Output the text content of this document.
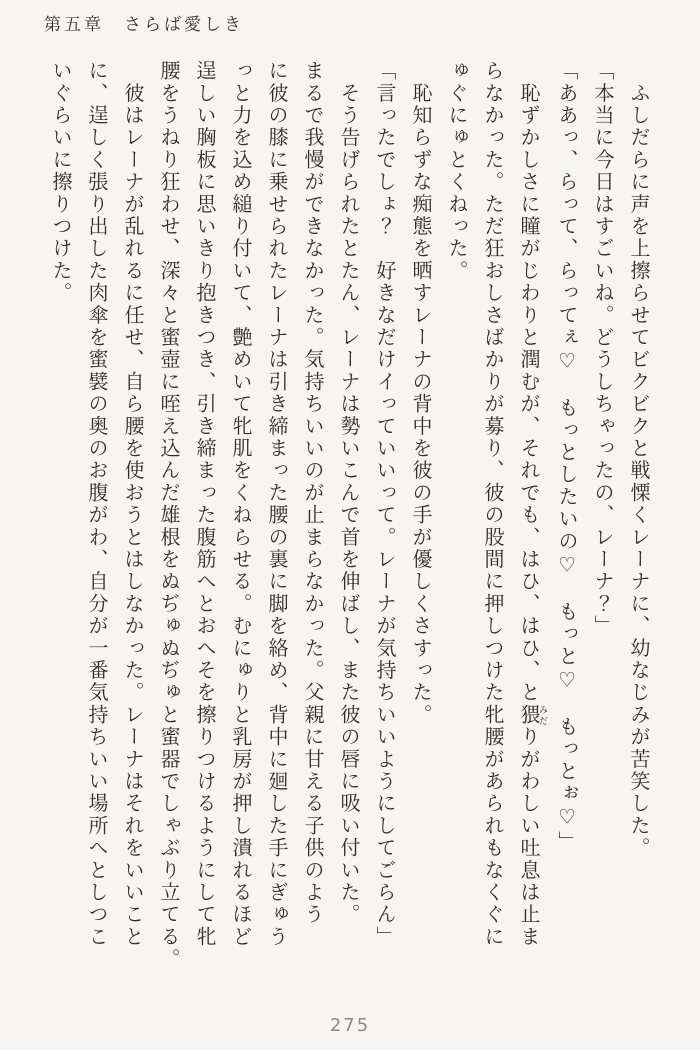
第五章　さらば愛しき
　ふしだらに声を上擦らせてビクビクと戦慄くレーナに、幼なじみが苦笑した。
「本当に今日はすごいね。どうしちゃったの、レーナ？」
「ああっ、らって、らってぇ♡　もっとしたいの♡　もっと♡　もっとぉ♡」
　恥ずかしさに瞳がじわりと潤むが、それでも、はひ、はひ、と猥 みだりがわしい吐息は止ま
らなかった。ただ狂おしさばかりが募り、彼の股間に押しつけた牝腰があられもなくぐに
ゅぐにゅとくねった。
　恥知らずな痴態を晒すレーナの背中を彼の手が優しくさすった。
「言ったでしょ？　好きなだけイっていいって。レーナが気持ちいいようにしてごらん」
　そう告げられたとたん、レーナは勢いこんで首を伸ばし、また彼の唇に吸い付いた。
まるで我慢ができなかった。気持ちいいのが止まらなかった。父親に甘える子供のよう
に彼の膝に乗せられたレーナは引き締まった腰の裏に脚を絡め、背中に廻した手にぎゅう
っと力を込め縋り付いて、艶めいて牝肌をくねらせる。むにゅりと乳房が押し潰れるほど
逞しい胸板に思いきり抱きつき、引き締まった腹筋へとおへそを擦りつけるようにして牝
腰をうねり狂わせ、深々と蜜壺に咥え込んだ雄根をぬぢゅぬぢゅと蜜器でしゃぶり立てる。
　彼はレーナが乱れるに任せ、自ら腰を使おうとはしなかった。レーナはそれをいいこと
に、逞しく張り出した肉傘を蜜襞の奥のお腹がわ、自分が一番気持ちいい場所へとしつこ
いぐらいに擦りつけた。
275
